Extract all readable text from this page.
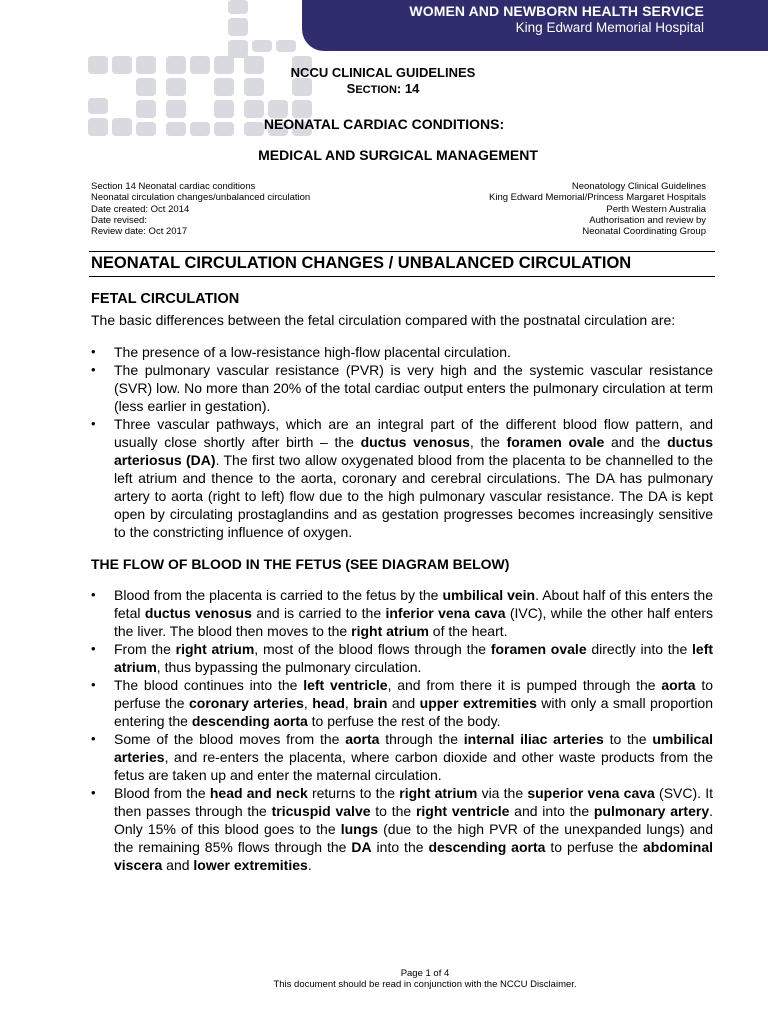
WOMEN AND NEWBORN HEALTH SERVICE
King Edward Memorial Hospital
NCCU CLINICAL GUIDELINES
SECTION: 14
NEONATAL CARDIAC CONDITIONS:
MEDICAL AND SURGICAL MANAGEMENT
Section 14 Neonatal cardiac conditions
Neonatal circulation changes/unbalanced circulation
Date created: Oct 2014
Date revised:
Review date: Oct 2017
Neonatology Clinical Guidelines
King Edward Memorial/Princess Margaret Hospitals
Perth Western Australia
Authorisation and review by
Neonatal Coordinating Group
NEONATAL CIRCULATION CHANGES / UNBALANCED CIRCULATION
FETAL CIRCULATION
The basic differences between the fetal circulation compared with the postnatal circulation are:
• The presence of a low-resistance high-flow placental circulation.
• The pulmonary vascular resistance (PVR) is very high and the systemic vascular resistance (SVR) low. No more than 20% of the total cardiac output enters the pulmonary circulation at term (less earlier in gestation).
• Three vascular pathways, which are an integral part of the different blood flow pattern, and usually close shortly after birth – the ductus venosus, the foramen ovale and the ductus arteriosus (DA). The first two allow oxygenated blood from the placenta to be channelled to the left atrium and thence to the aorta, coronary and cerebral circulations. The DA has pulmonary artery to aorta (right to left) flow due to the high pulmonary vascular resistance. The DA is kept open by circulating prostaglandins and as gestation progresses becomes increasingly sensitive to the constricting influence of oxygen.
THE FLOW OF BLOOD IN THE FETUS (SEE DIAGRAM BELOW)
• Blood from the placenta is carried to the fetus by the umbilical vein. About half of this enters the fetal ductus venosus and is carried to the inferior vena cava (IVC), while the other half enters the liver. The blood then moves to the right atrium of the heart.
• From the right atrium, most of the blood flows through the foramen ovale directly into the left atrium, thus bypassing the pulmonary circulation.
• The blood continues into the left ventricle, and from there it is pumped through the aorta to perfuse the coronary arteries, head, brain and upper extremities with only a small proportion entering the descending aorta to perfuse the rest of the body.
• Some of the blood moves from the aorta through the internal iliac arteries to the umbilical arteries, and re-enters the placenta, where carbon dioxide and other waste products from the fetus are taken up and enter the maternal circulation.
• Blood from the head and neck returns to the right atrium via the superior vena cava (SVC). It then passes through the tricuspid valve to the right ventricle and into the pulmonary artery. Only 15% of this blood goes to the lungs (due to the high PVR of the unexpanded lungs) and the remaining 85% flows through the DA into the descending aorta to perfuse the abdominal viscera and lower extremities.
Page 1 of 4
This document should be read in conjunction with the NCCU Disclaimer.
